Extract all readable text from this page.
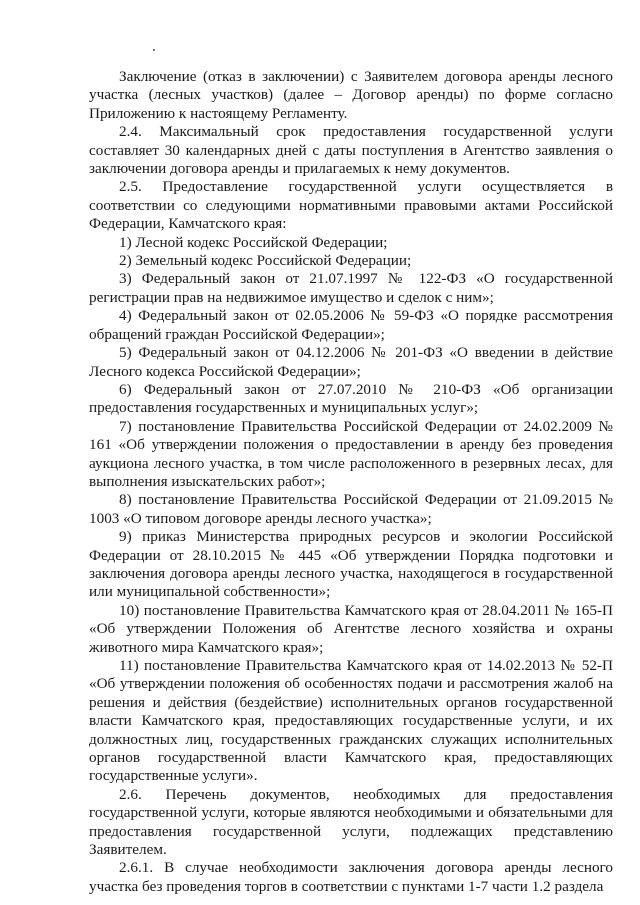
Заключение (отказ в заключении) с Заявителем договора аренды лесного участка (лесных участков) (далее – Договор аренды) по форме согласно Приложению к настоящему Регламенту.

2.4. Максимальный срок предоставления государственной услуги составляет 30 календарных дней с даты поступления в Агентство заявления о заключении договора аренды и прилагаемых к нему документов.

2.5. Предоставление государственной услуги осуществляется в соответствии со следующими нормативными правовыми актами Российской Федерации, Камчатского края:

1) Лесной кодекс Российской Федерации;

2) Земельный кодекс Российской Федерации;

3) Федеральный закон от 21.07.1997 № 122-ФЗ «О государственной регистрации прав на недвижимое имущество и сделок с ним»;

4) Федеральный закон от 02.05.2006 № 59-ФЗ «О порядке рассмотрения обращений граждан Российской Федерации»;

5) Федеральный закон от 04.12.2006 № 201-ФЗ «О введении в действие Лесного кодекса Российской Федерации»;

6) Федеральный закон от 27.07.2010 № 210-ФЗ «Об организации предоставления государственных и муниципальных услуг»;

7) постановление Правительства Российской Федерации от 24.02.2009 № 161 «Об утверждении положения о предоставлении в аренду без проведения аукциона лесного участка, в том числе расположенного в резервных лесах, для выполнения изыскательских работ»;

8) постановление Правительства Российской Федерации от 21.09.2015 № 1003 «О типовом договоре аренды лесного участка»;

9) приказ Министерства природных ресурсов и экологии Российской Федерации от 28.10.2015 № 445 «Об утверждении Порядка подготовки и заключения договора аренды лесного участка, находящегося в государственной или муниципальной собственности»;

10) постановление Правительства Камчатского края от 28.04.2011 № 165-П «Об утверждении Положения об Агентстве лесного хозяйства и охраны животного мира Камчатского края»;

11) постановление Правительства Камчатского края от 14.02.2013 № 52-П «Об утверждении положения об особенностях подачи и рассмотрения жалоб на решения и действия (бездействие) исполнительных органов государственной власти Камчатского края, предоставляющих государственные услуги, и их должностных лиц, государственных гражданских служащих исполнительных органов государственной власти Камчатского края, предоставляющих государственные услуги».

2.6. Перечень документов, необходимых для предоставления государственной услуги, которые являются необходимыми и обязательными для предоставления государственной услуги, подлежащих представлению Заявителем.

2.6.1. В случае необходимости заключения договора аренды лесного участка без проведения торгов в соответствии с пунктами 1-7 части 1.2 раздела
